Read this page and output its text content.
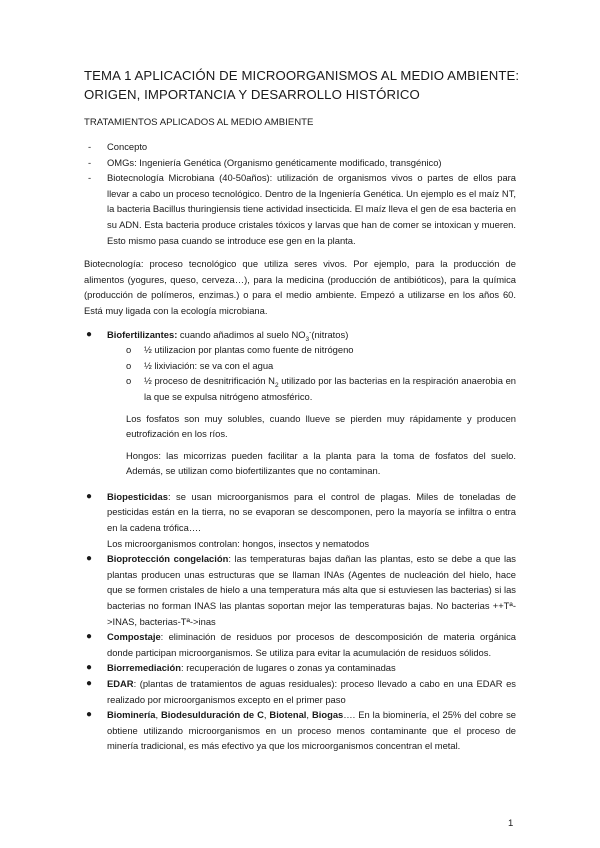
TEMA 1 APLICACIÓN DE MICROORGANISMOS AL MEDIO AMBIENTE: ORIGEN, IMPORTANCIA Y DESARROLLO HISTÓRICO
TRATAMIENTOS APLICADOS AL MEDIO AMBIENTE
- Concepto
- OMGs: Ingeniería Genética (Organismo genéticamente modificado, transgénico)
- Biotecnología Microbiana (40-50años): utilización de organismos vivos o partes de ellos para llevar a cabo un proceso tecnológico. Dentro de la Ingeniería Genética. Un ejemplo es el maíz NT, la bacteria Bacillus thuringiensis tiene actividad insecticida. El maíz lleva el gen de esa bacteria en su ADN. Esta bacteria produce cristales tóxicos y larvas que han de comer se intoxican y mueren. Esto mismo pasa cuando se introduce ese gen en la planta.
Biotecnología: proceso tecnológico que utiliza seres vivos. Por ejemplo, para la producción de alimentos (yogures, queso, cerveza…), para la medicina (producción de antibióticos), para la química (producción de polímeros, enzimas.) o para el medio ambiente. Empezó a utilizarse en los años 60. Está muy ligada con la ecología microbiana.
● Biofertilizantes: cuando añadimos al suelo $NO_3^-(nitratos)$
o ½ utilizacion por plantas como fuente de nitrógeno
o ½ lixiviación: se va con el agua
o ½ proceso de desnitrificación $N_2$ utilizado por las bacterias en la respiración anaerobia en la que se expulsa nitrógeno atmosférico.
Los fosfatos son muy solubles, cuando llueve se pierden muy rápidamente y producen eutrofización en los ríos.
Hongos: las micorrizas pueden facilitar a la planta para la toma de fosfatos del suelo. Además, se utilizan como biofertilizantes que no contaminan.
● Biopesticidas: se usan microorganismos para el control de plagas. Miles de toneladas de pesticidas están en la tierra, no se evaporan se descomponen, pero la mayoría se infiltra o entra en la cadena trófica….
Los microorganismos controlan: hongos, insectos y nematodos
● Bioprotección congelación: las temperaturas bajas dañan las plantas, esto se debe a que las plantas producen unas estructuras que se llaman INAs (Agentes de nucleación del hielo, hace que se formen cristales de hielo a una temperatura más alta que si estuviesen las bacterias) si las bacterias no forman INAS las plantas soportan mejor las temperaturas bajas. No bacterias ++Tª->INAS, bacterias-Tª->inas
● Compostaje: eliminación de residuos por procesos de descomposición de materia orgánica donde participan microorganismos. Se utiliza para evitar la acumulación de residuos sólidos.
● Biorremediación: recuperación de lugares o zonas ya contaminadas
● EDAR: (plantas de tratamientos de aguas residuales): proceso llevado a cabo en una EDAR es realizado por microorganismos excepto en el primer paso
● Biominería, Biodesulduración de C, Biotenal, Biogas…. En la biominería, el 25% del cobre se obtiene utilizando microorganismos en un proceso menos contaminante que el proceso de minería tradicional, es más efectivo ya que los microorganismos concentran el metal.
1
